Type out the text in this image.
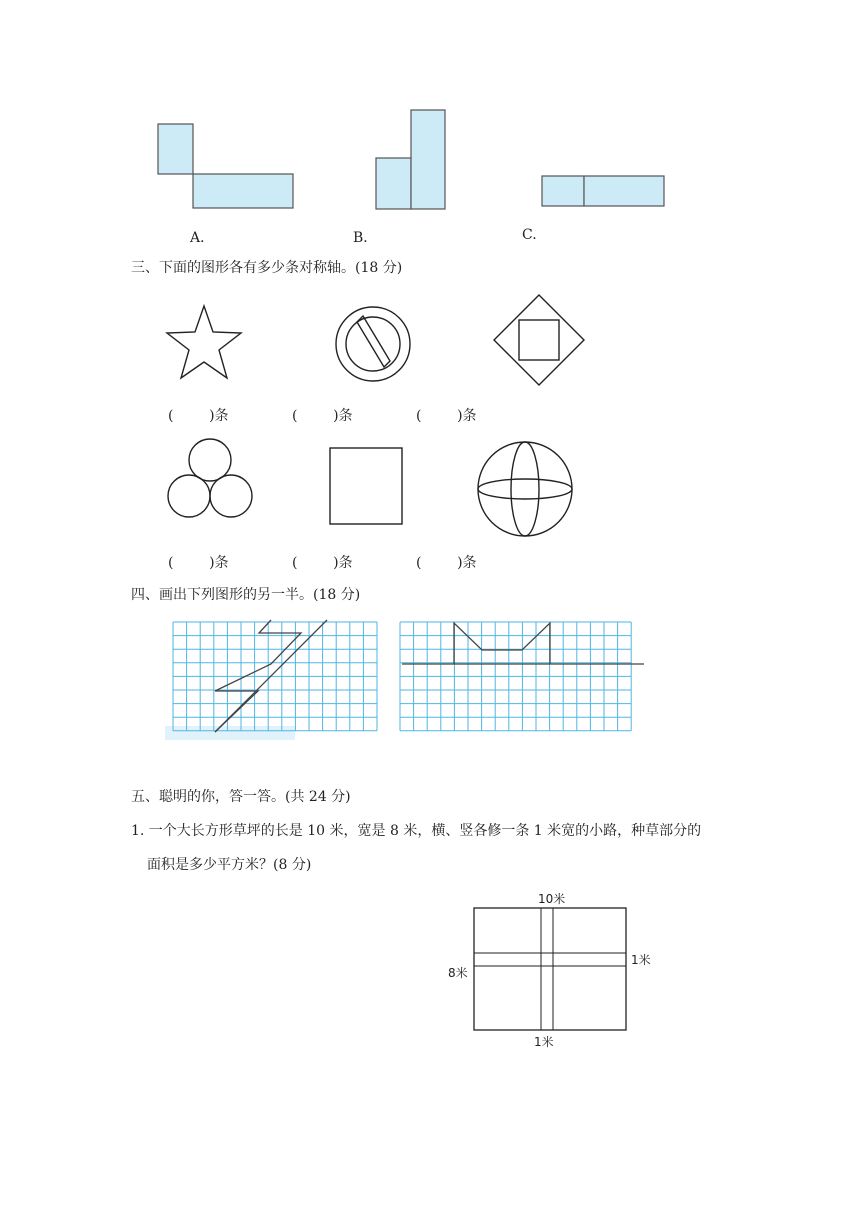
A．	B．	C.
三、下面的图形各有多少条对称轴。(18 分)
(	)条	(	)条	(	)条
(	)条	(	)条	(	)条
四、画出下列图形的另一半。(18 分)
五、聪明的你，答一答。(共 24 分)
1. 一个大长方形草坪的长是 10 米，宽是 8 米，横、竖各修一条 1 米宽的小路，种草部分的
面积是多少平方米？(8 分)
10米
8米
1米
1米
